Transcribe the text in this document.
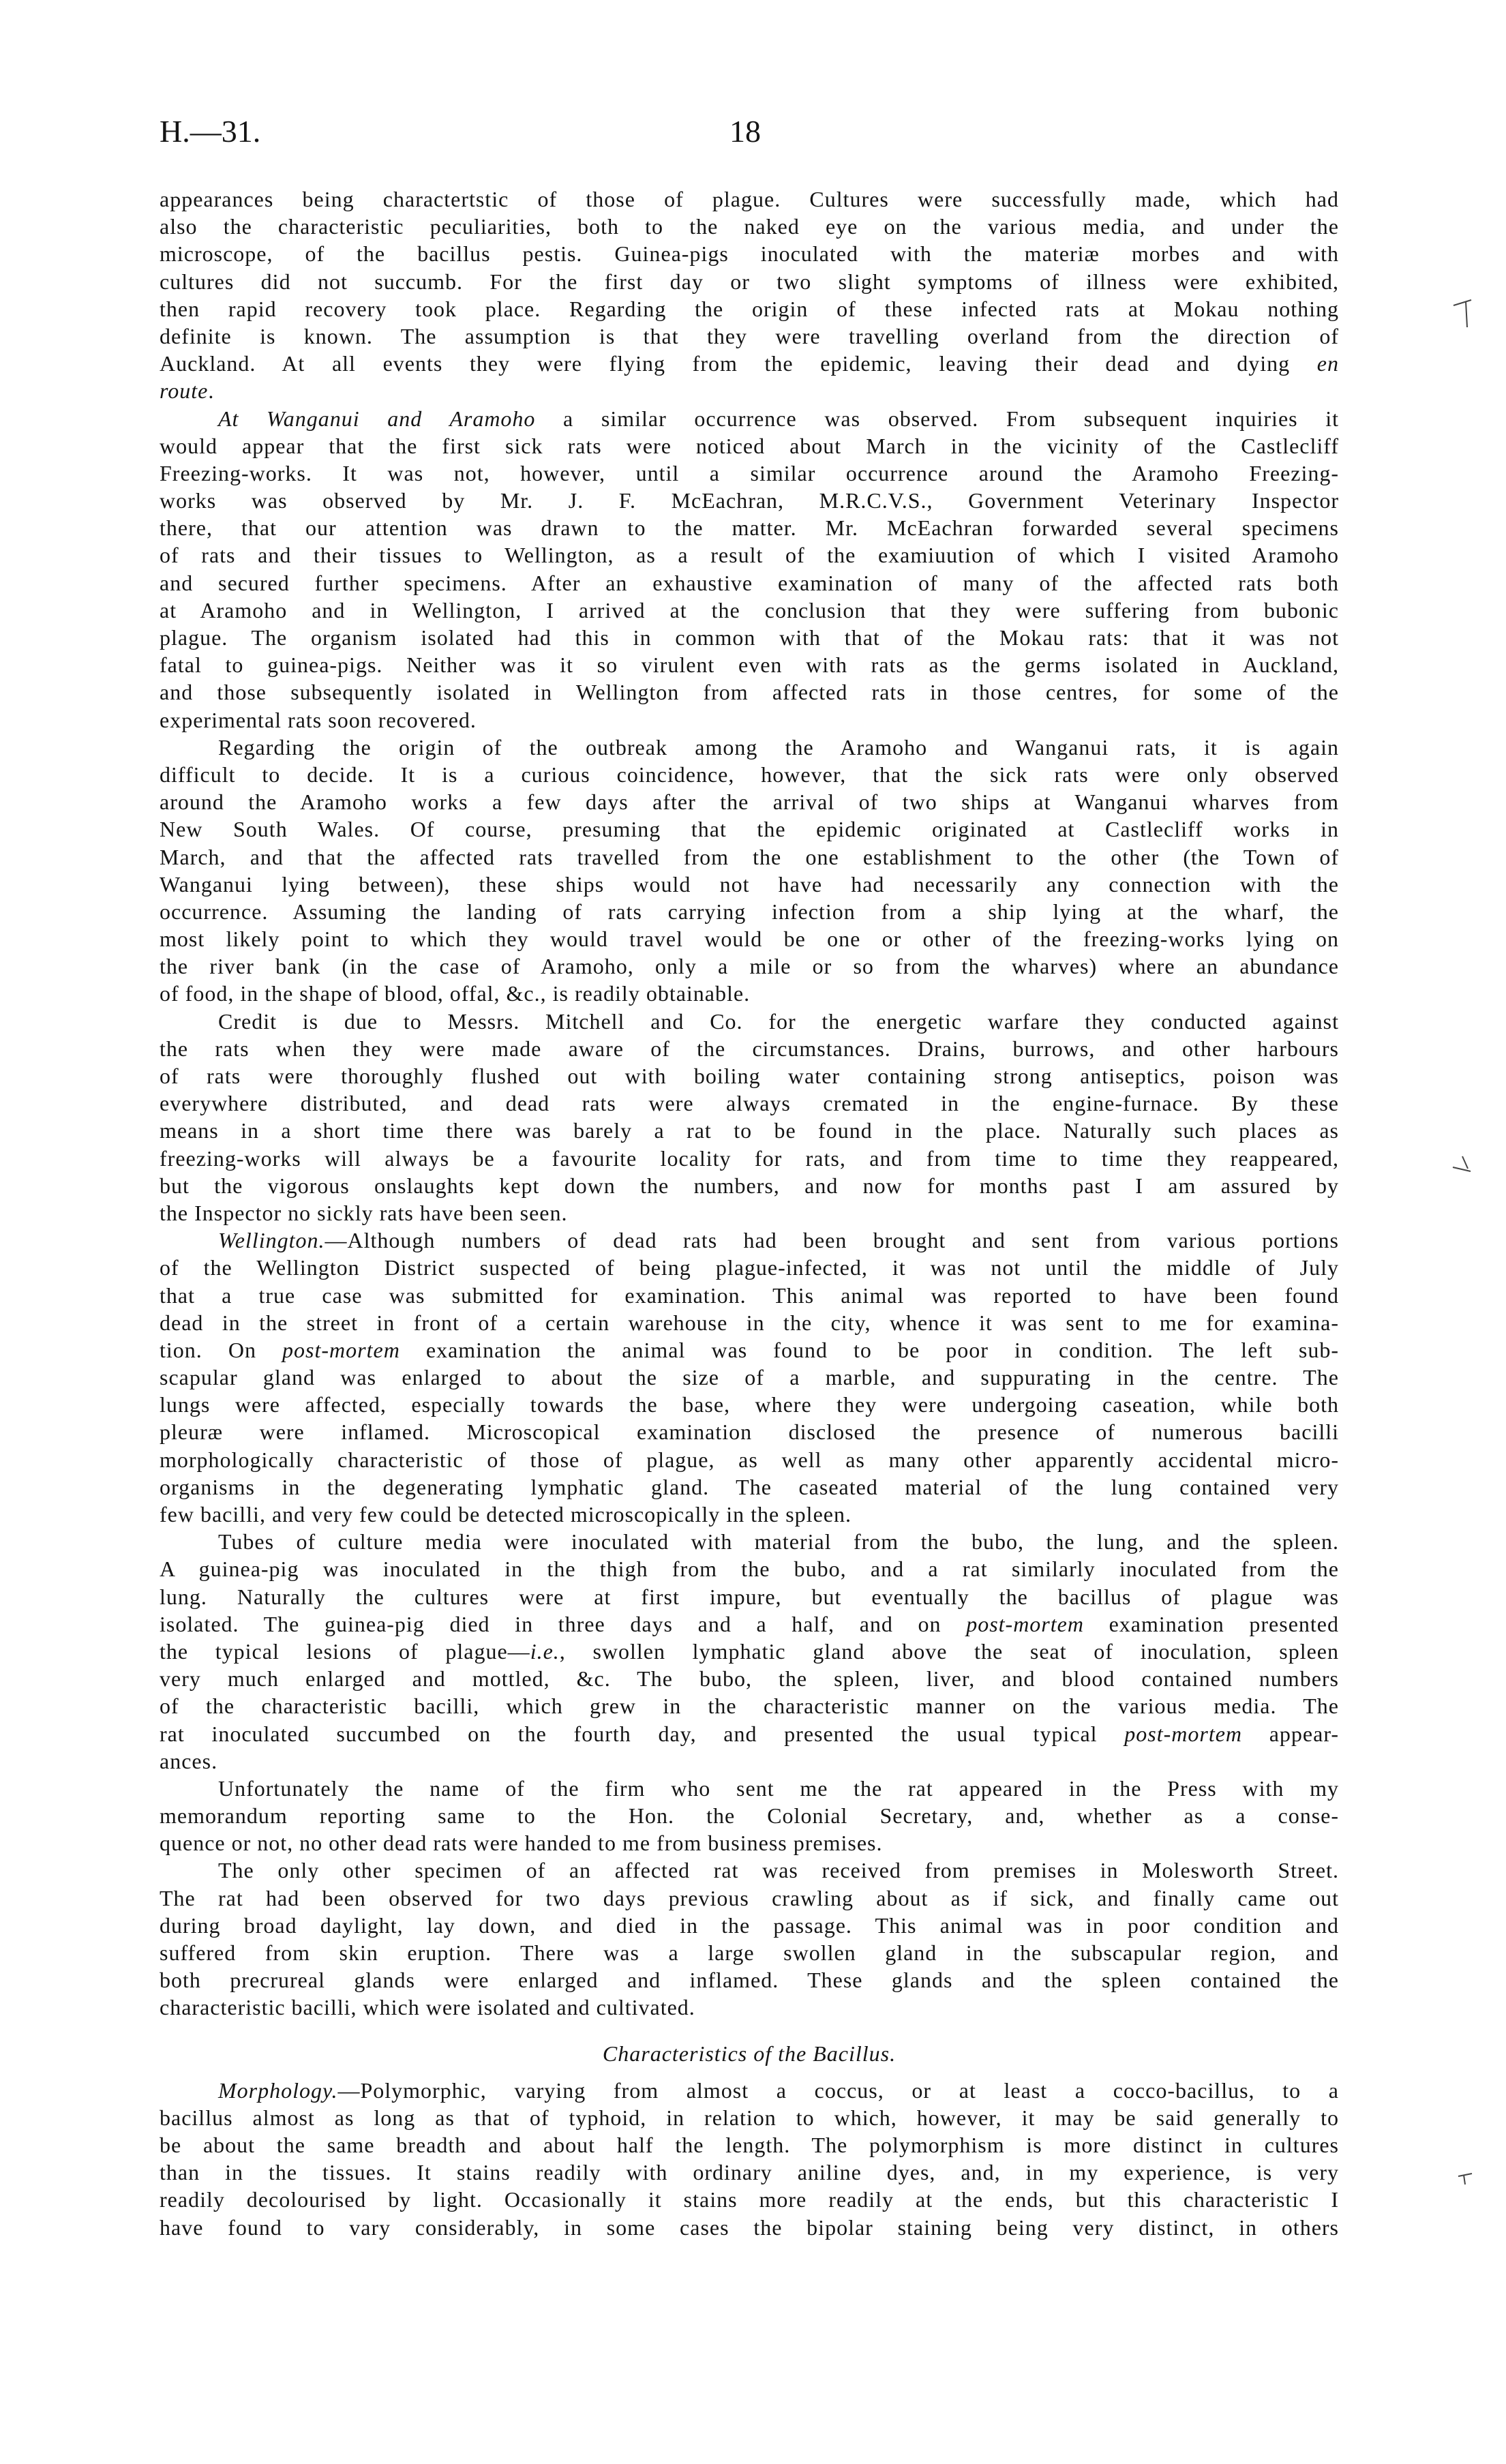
H.—31.	18
appearances being charactertstic of those of plague. Cultures were successfully made, which had
also the characteristic peculiarities, both to the naked eye on the various media, and under the
microscope, of the bacillus pestis. Guinea-pigs inoculated with the materiæ morbes and with
cultures did not succumb. For the first day or two slight symptoms of illness were exhibited,
then rapid recovery took place. Regarding the origin of these infected rats at Mokau nothing
definite is known. The assumption is that they were travelling overland from the direction of
Auckland. At all events they were flying from the epidemic, leaving their dead and dying en
route.
At Wanganui and Aramoho a similar occurrence was observed. From subsequent inquiries it
would appear that the first sick rats were noticed about March in the vicinity of the Castlecliff
Freezing-works. It was not, however, until a similar occurrence around the Aramoho Freezing-
works was observed by Mr. J. F. McEachran, M.R.C.V.S., Government Veterinary Inspector
there, that our attention was drawn to the matter. Mr. McEachran forwarded several specimens
of rats and their tissues to Wellington, as a result of the examiuution of which I visited Aramoho
and secured further specimens. After an exhaustive examination of many of the affected rats both
at Aramoho and in Wellington, I arrived at the conclusion that they were suffering from bubonic
plague. The organism isolated had this in common with that of the Mokau rats: that it was not
fatal to guinea-pigs. Neither was it so virulent even with rats as the germs isolated in Auckland,
and those subsequently isolated in Wellington from affected rats in those centres, for some of the
experimental rats soon recovered.
Regarding the origin of the outbreak among the Aramoho and Wanganui rats, it is again
difficult to decide. It is a curious coincidence, however, that the sick rats were only observed
around the Aramoho works a few days after the arrival of two ships at Wanganui wharves from
New South Wales. Of course, presuming that the epidemic originated at Castlecliff works in
March, and that the affected rats travelled from the one establishment to the other (the Town of
Wanganui lying between), these ships would not have had necessarily any connection with the
occurrence. Assuming the landing of rats carrying infection from a ship lying at the wharf, the
most likely point to which they would travel would be one or other of the freezing-works lying on
the river bank (in the case of Aramoho, only a mile or so from the wharves) where an abundance
of food, in the shape of blood, offal, &c., is readily obtainable.
Credit is due to Messrs. Mitchell and Co. for the energetic warfare they conducted against
the rats when they were made aware of the circumstances. Drains, burrows, and other harbours
of rats were thoroughly flushed out with boiling water containing strong antiseptics, poison was
everywhere distributed, and dead rats were always cremated in the engine-furnace. By these
means in a short time there was barely a rat to be found in the place. Naturally such places as
freezing-works will always be a favourite locality for rats, and from time to time they reappeared,
but the vigorous onslaughts kept down the numbers, and now for months past I am assured by
the Inspector no sickly rats have been seen.
Wellington.—Although numbers of dead rats had been brought and sent from various portions
of the Wellington District suspected of being plague-infected, it was not until the middle of July
that a true case was submitted for examination. This animal was reported to have been found
dead in the street in front of a certain warehouse in the city, whence it was sent to me for examina-
tion. On post-mortem examination the animal was found to be poor in condition. The left sub-
scapular gland was enlarged to about the size of a marble, and suppurating in the centre. The
lungs were affected, especially towards the base, where they were undergoing caseation, while both
pleuræ were inflamed. Microscopical examination disclosed the presence of numerous bacilli
morphologically characteristic of those of plague, as well as many other apparently accidental micro-
organisms in the degenerating lymphatic gland. The caseated material of the lung contained very
few bacilli, and very few could be detected microscopically in the spleen.
Tubes of culture media were inoculated with material from the bubo, the lung, and the spleen.
A guinea-pig was inoculated in the thigh from the bubo, and a rat similarly inoculated from the
lung. Naturally the cultures were at first impure, but eventually the bacillus of plague was
isolated. The guinea-pig died in three days and a half, and on post-mortem examination presented
the typical lesions of plague—i.e., swollen lymphatic gland above the seat of inoculation, spleen
very much enlarged and mottled, &c. The bubo, the spleen, liver, and blood contained numbers
of the characteristic bacilli, which grew in the characteristic manner on the various media. The
rat inoculated succumbed on the fourth day, and presented the usual typical post-mortem appear-
ances.
Unfortunately the name of the firm who sent me the rat appeared in the Press with my
memorandum reporting same to the Hon. the Colonial Secretary, and, whether as a conse-
quence or not, no other dead rats were handed to me from business premises.
The only other specimen of an affected rat was received from premises in Molesworth Street.
The rat had been observed for two days previous crawling about as if sick, and finally came out
during broad daylight, lay down, and died in the passage. This animal was in poor condition and
suffered from skin eruption. There was a large swollen gland in the subscapular region, and
both precrureal glands were enlarged and inflamed. These glands and the spleen contained the
characteristic bacilli, which were isolated and cultivated.
Characteristics of the Bacillus.
Morphology.—Polymorphic, varying from almost a coccus, or at least a cocco-bacillus, to a
bacillus almost as long as that of typhoid, in relation to which, however, it may be said generally to
be about the same breadth and about half the length. The polymorphism is more distinct in cultures
than in the tissues. It stains readily with ordinary aniline dyes, and, in my experience, is very
readily decolourised by light. Occasionally it stains more readily at the ends, but this characteristic I
have found to vary considerably, in some cases the bipolar staining being very distinct, in others
